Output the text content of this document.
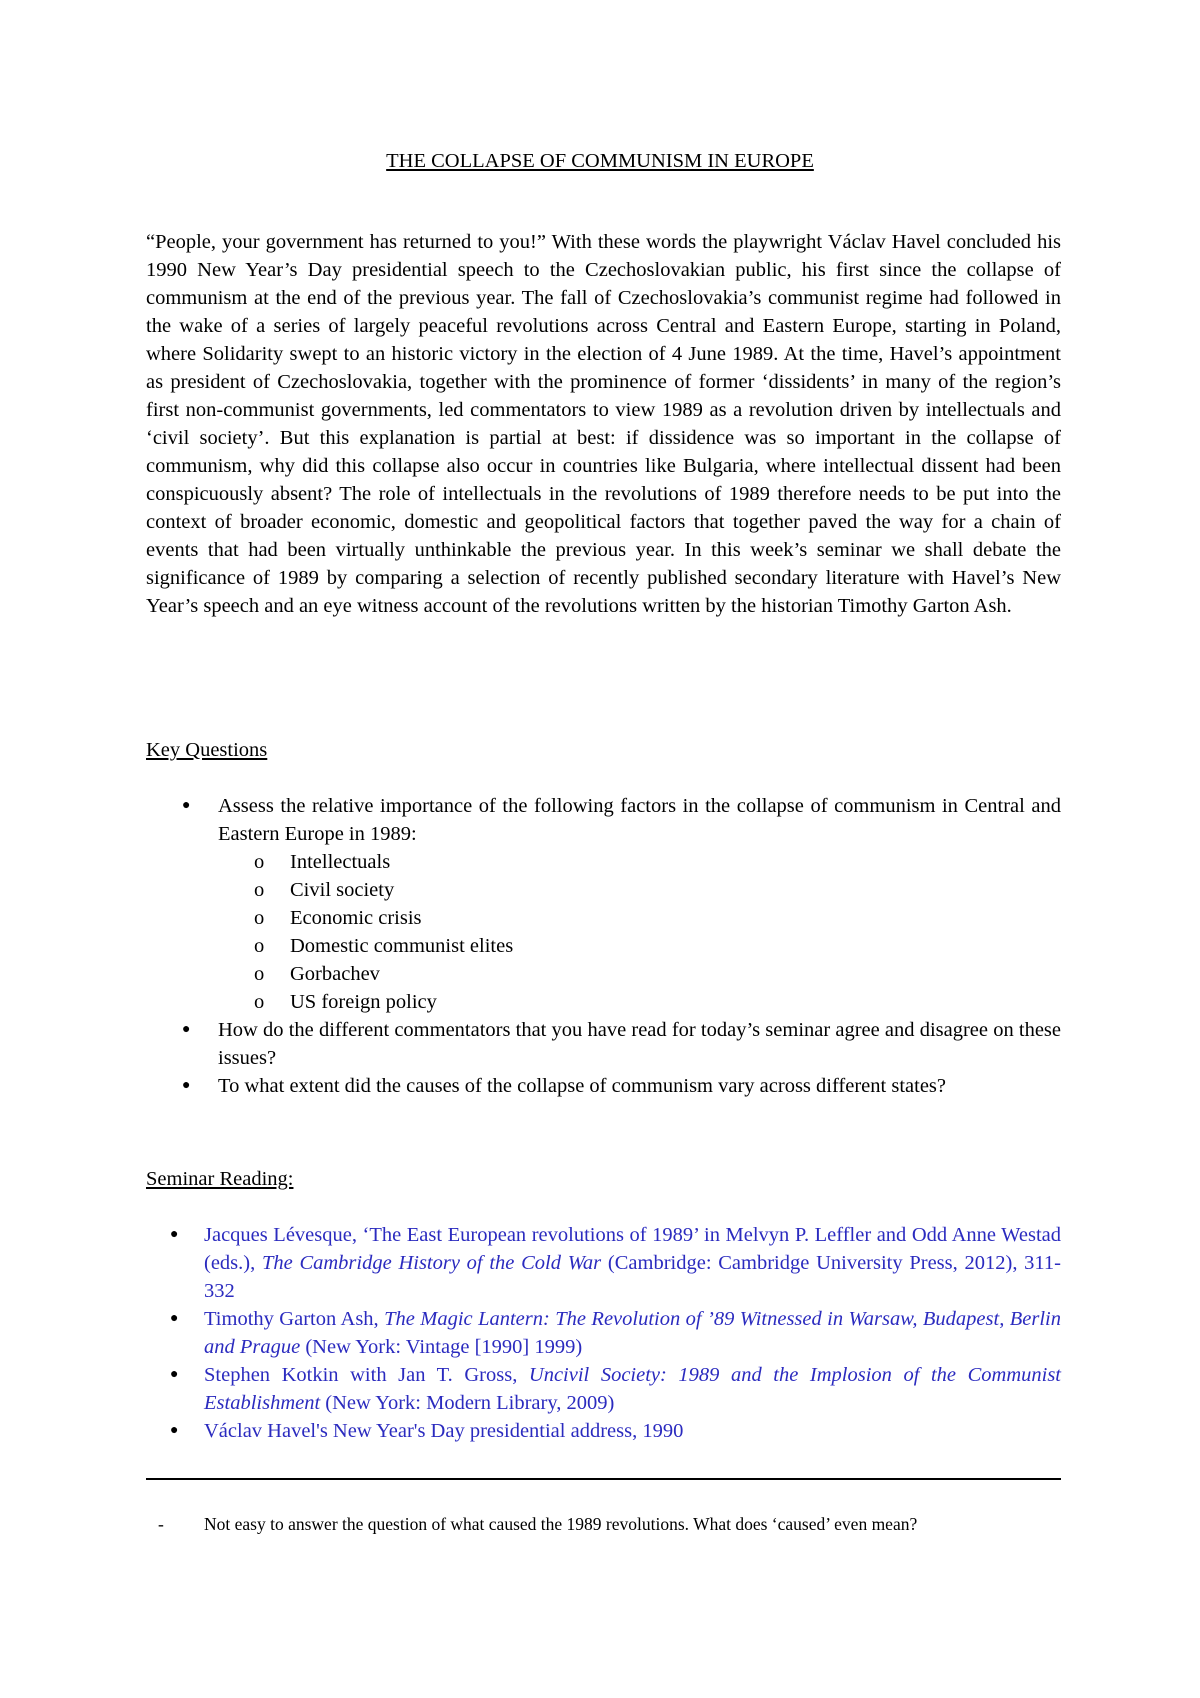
THE COLLAPSE OF COMMUNISM IN EUROPE

“People, your government has returned to you!” With these words the playwright Václav Havel concluded his 1990 New Year’s Day presidential speech to the Czechoslovakian public, his first since the collapse of communism at the end of the previous year. The fall of Czechoslovakia’s communist regime had followed in the wake of a series of largely peaceful revolutions across Central and Eastern Europe, starting in Poland, where Solidarity swept to an historic victory in the election of 4 June 1989. At the time, Havel’s appointment as president of Czechoslovakia, together with the prominence of former ‘dissidents’ in many of the region’s first non-communist governments, led commentators to view 1989 as a revolution driven by intellectuals and ‘civil society’. But this explanation is partial at best: if dissidence was so important in the collapse of communism, why did this collapse also occur in countries like Bulgaria, where intellectual dissent had been conspicuously absent? The role of intellectuals in the revolutions of 1989 therefore needs to be put into the context of broader economic, domestic and geopolitical factors that together paved the way for a chain of events that had been virtually unthinkable the previous year. In this week’s seminar we shall debate the significance of 1989 by comparing a selection of recently published secondary literature with Havel’s New Year’s speech and an eye witness account of the revolutions written by the historian Timothy Garton Ash.

Key Questions

● Assess the relative importance of the following factors in the collapse of communism in Central and Eastern Europe in 1989:
o Intellectuals
o Civil society
o Economic crisis
o Domestic communist elites
o Gorbachev
o US foreign policy
● How do the different commentators that you have read for today’s seminar agree and disagree on these issues?
● To what extent did the causes of the collapse of communism vary across different states?

Seminar Reading:

● Jacques Lévesque, ‘The East European revolutions of 1989’ in Melvyn P. Leffler and Odd Anne Westad (eds.), The Cambridge History of the Cold War (Cambridge: Cambridge University Press, 2012), 311-332
● Timothy Garton Ash, The Magic Lantern: The Revolution of ’89 Witnessed in Warsaw, Budapest, Berlin and Prague (New York: Vintage [1990] 1999)
● Stephen Kotkin with Jan T. Gross, Uncivil Society: 1989 and the Implosion of the Communist Establishment (New York: Modern Library, 2009)
● Václav Havel's New Year's Day presidential address, 1990
-	Not easy to answer the question of what caused the 1989 revolutions. What does ‘caused’ even mean?
